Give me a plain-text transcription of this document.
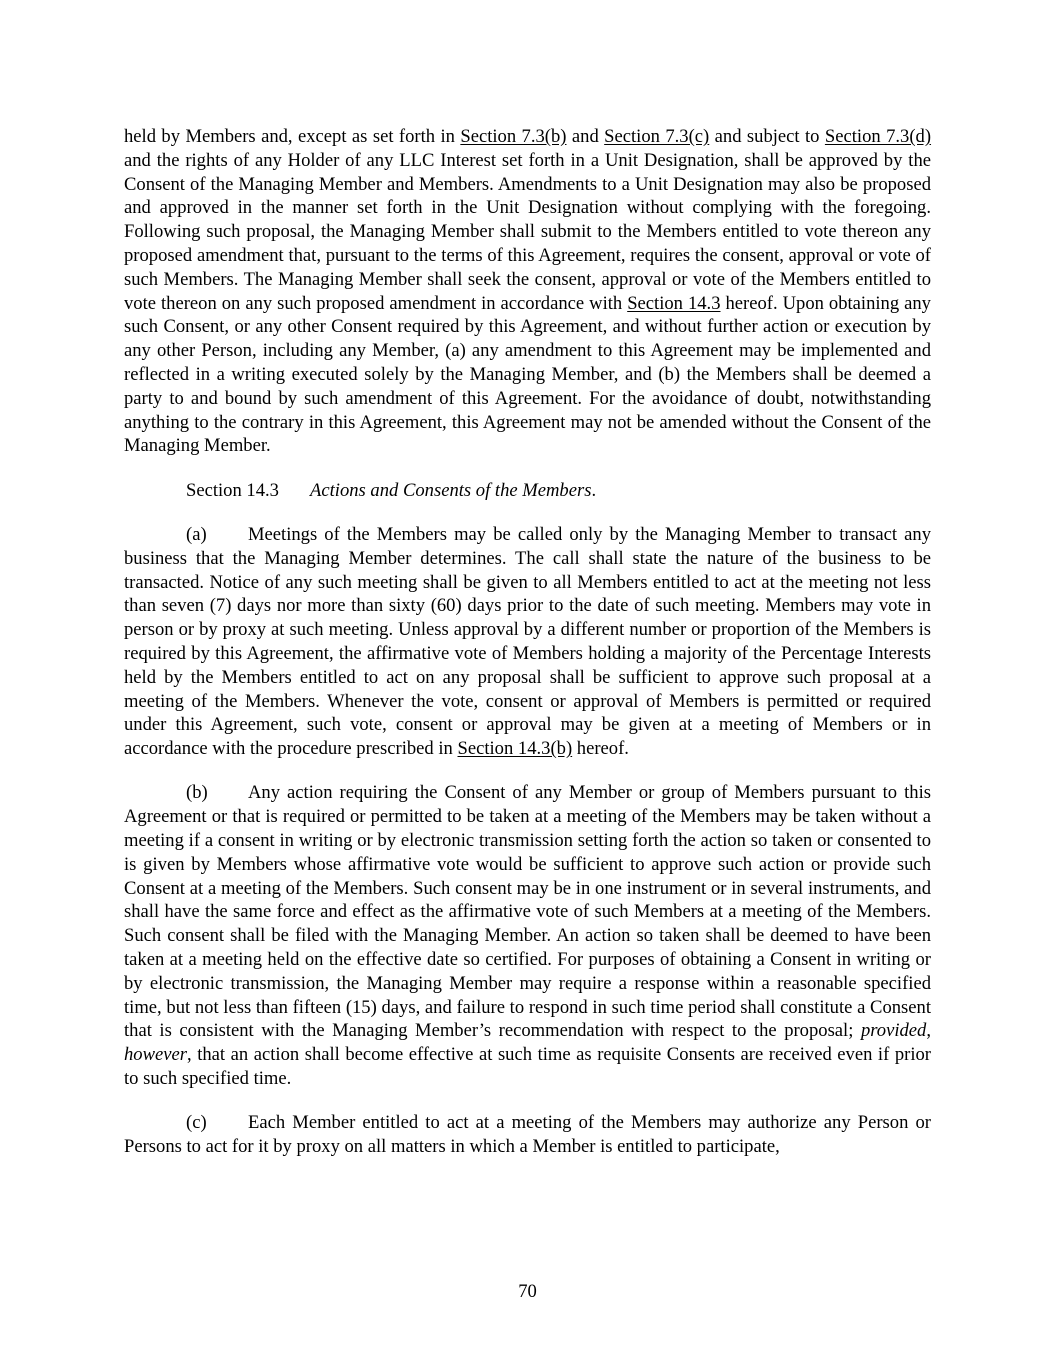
held by Members and, except as set forth in Section 7.3(b) and Section 7.3(c) and subject to Section 7.3(d) and the rights of any Holder of any LLC Interest set forth in a Unit Designation, shall be approved by the Consent of the Managing Member and Members. Amendments to a Unit Designation may also be proposed and approved in the manner set forth in the Unit Designation without complying with the foregoing. Following such proposal, the Managing Member shall submit to the Members entitled to vote thereon any proposed amendment that, pursuant to the terms of this Agreement, requires the consent, approval or vote of such Members. The Managing Member shall seek the consent, approval or vote of the Members entitled to vote thereon on any such proposed amendment in accordance with Section 14.3 hereof. Upon obtaining any such Consent, or any other Consent required by this Agreement, and without further action or execution by any other Person, including any Member, (a) any amendment to this Agreement may be implemented and reflected in a writing executed solely by the Managing Member, and (b) the Members shall be deemed a party to and bound by such amendment of this Agreement. For the avoidance of doubt, notwithstanding anything to the contrary in this Agreement, this Agreement may not be amended without the Consent of the Managing Member.

Section 14.3 Actions and Consents of the Members.

(a) Meetings of the Members may be called only by the Managing Member to transact any business that the Managing Member determines. The call shall state the nature of the business to be transacted. Notice of any such meeting shall be given to all Members entitled to act at the meeting not less than seven (7) days nor more than sixty (60) days prior to the date of such meeting. Members may vote in person or by proxy at such meeting. Unless approval by a different number or proportion of the Members is required by this Agreement, the affirmative vote of Members holding a majority of the Percentage Interests held by the Members entitled to act on any proposal shall be sufficient to approve such proposal at a meeting of the Members. Whenever the vote, consent or approval of Members is permitted or required under this Agreement, such vote, consent or approval may be given at a meeting of Members or in accordance with the procedure prescribed in Section 14.3(b) hereof.

(b) Any action requiring the Consent of any Member or group of Members pursuant to this Agreement or that is required or permitted to be taken at a meeting of the Members may be taken without a meeting if a consent in writing or by electronic transmission setting forth the action so taken or consented to is given by Members whose affirmative vote would be sufficient to approve such action or provide such Consent at a meeting of the Members. Such consent may be in one instrument or in several instruments, and shall have the same force and effect as the affirmative vote of such Members at a meeting of the Members. Such consent shall be filed with the Managing Member. An action so taken shall be deemed to have been taken at a meeting held on the effective date so certified. For purposes of obtaining a Consent in writing or by electronic transmission, the Managing Member may require a response within a reasonable specified time, but not less than fifteen (15) days, and failure to respond in such time period shall constitute a Consent that is consistent with the Managing Member’s recommendation with respect to the proposal; provided, however, that an action shall become effective at such time as requisite Consents are received even if prior to such specified time.

(c) Each Member entitled to act at a meeting of the Members may authorize any Person or Persons to act for it by proxy on all matters in which a Member is entitled to participate,

70
